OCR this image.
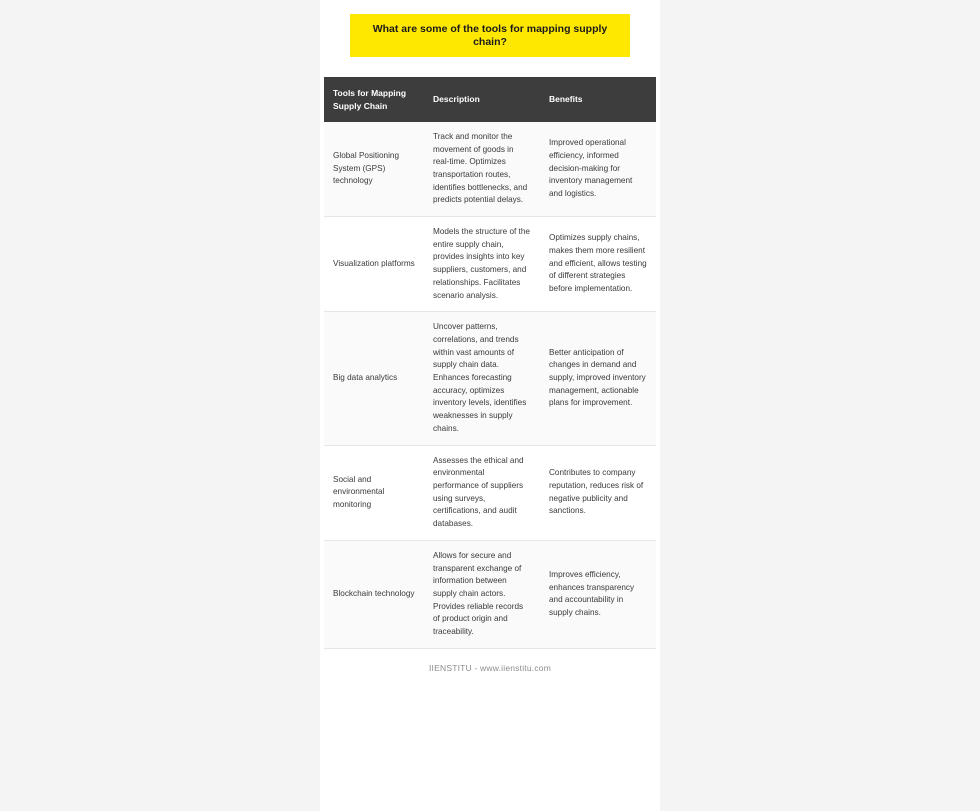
What are some of the tools for mapping supply chain?
Tools for Mapping Supply Chain	Description	Benefits
Global Positioning System (GPS) technology	Track and monitor the movement of goods in real-time. Optimizes transportation routes, identifies bottlenecks, and predicts potential delays.	Improved operational efficiency, informed decision-making for inventory management and logistics.
Visualization platforms	Models the structure of the entire supply chain, provides insights into key suppliers, customers, and relationships. Facilitates scenario analysis.	Optimizes supply chains, makes them more resilient and efficient, allows testing of different strategies before implementation.
Big data analytics	Uncover patterns, correlations, and trends within vast amounts of supply chain data. Enhances forecasting accuracy, optimizes inventory levels, identifies weaknesses in supply chains.	Better anticipation of changes in demand and supply, improved inventory management, actionable plans for improvement.
Social and environmental monitoring	Assesses the ethical and environmental performance of suppliers using surveys, certifications, and audit databases.	Contributes to company reputation, reduces risk of negative publicity and sanctions.
Blockchain technology	Allows for secure and transparent exchange of information between supply chain actors. Provides reliable records of product origin and traceability.	Improves efficiency, enhances transparency and accountability in supply chains.
IIENSTITU - www.iienstitu.com
